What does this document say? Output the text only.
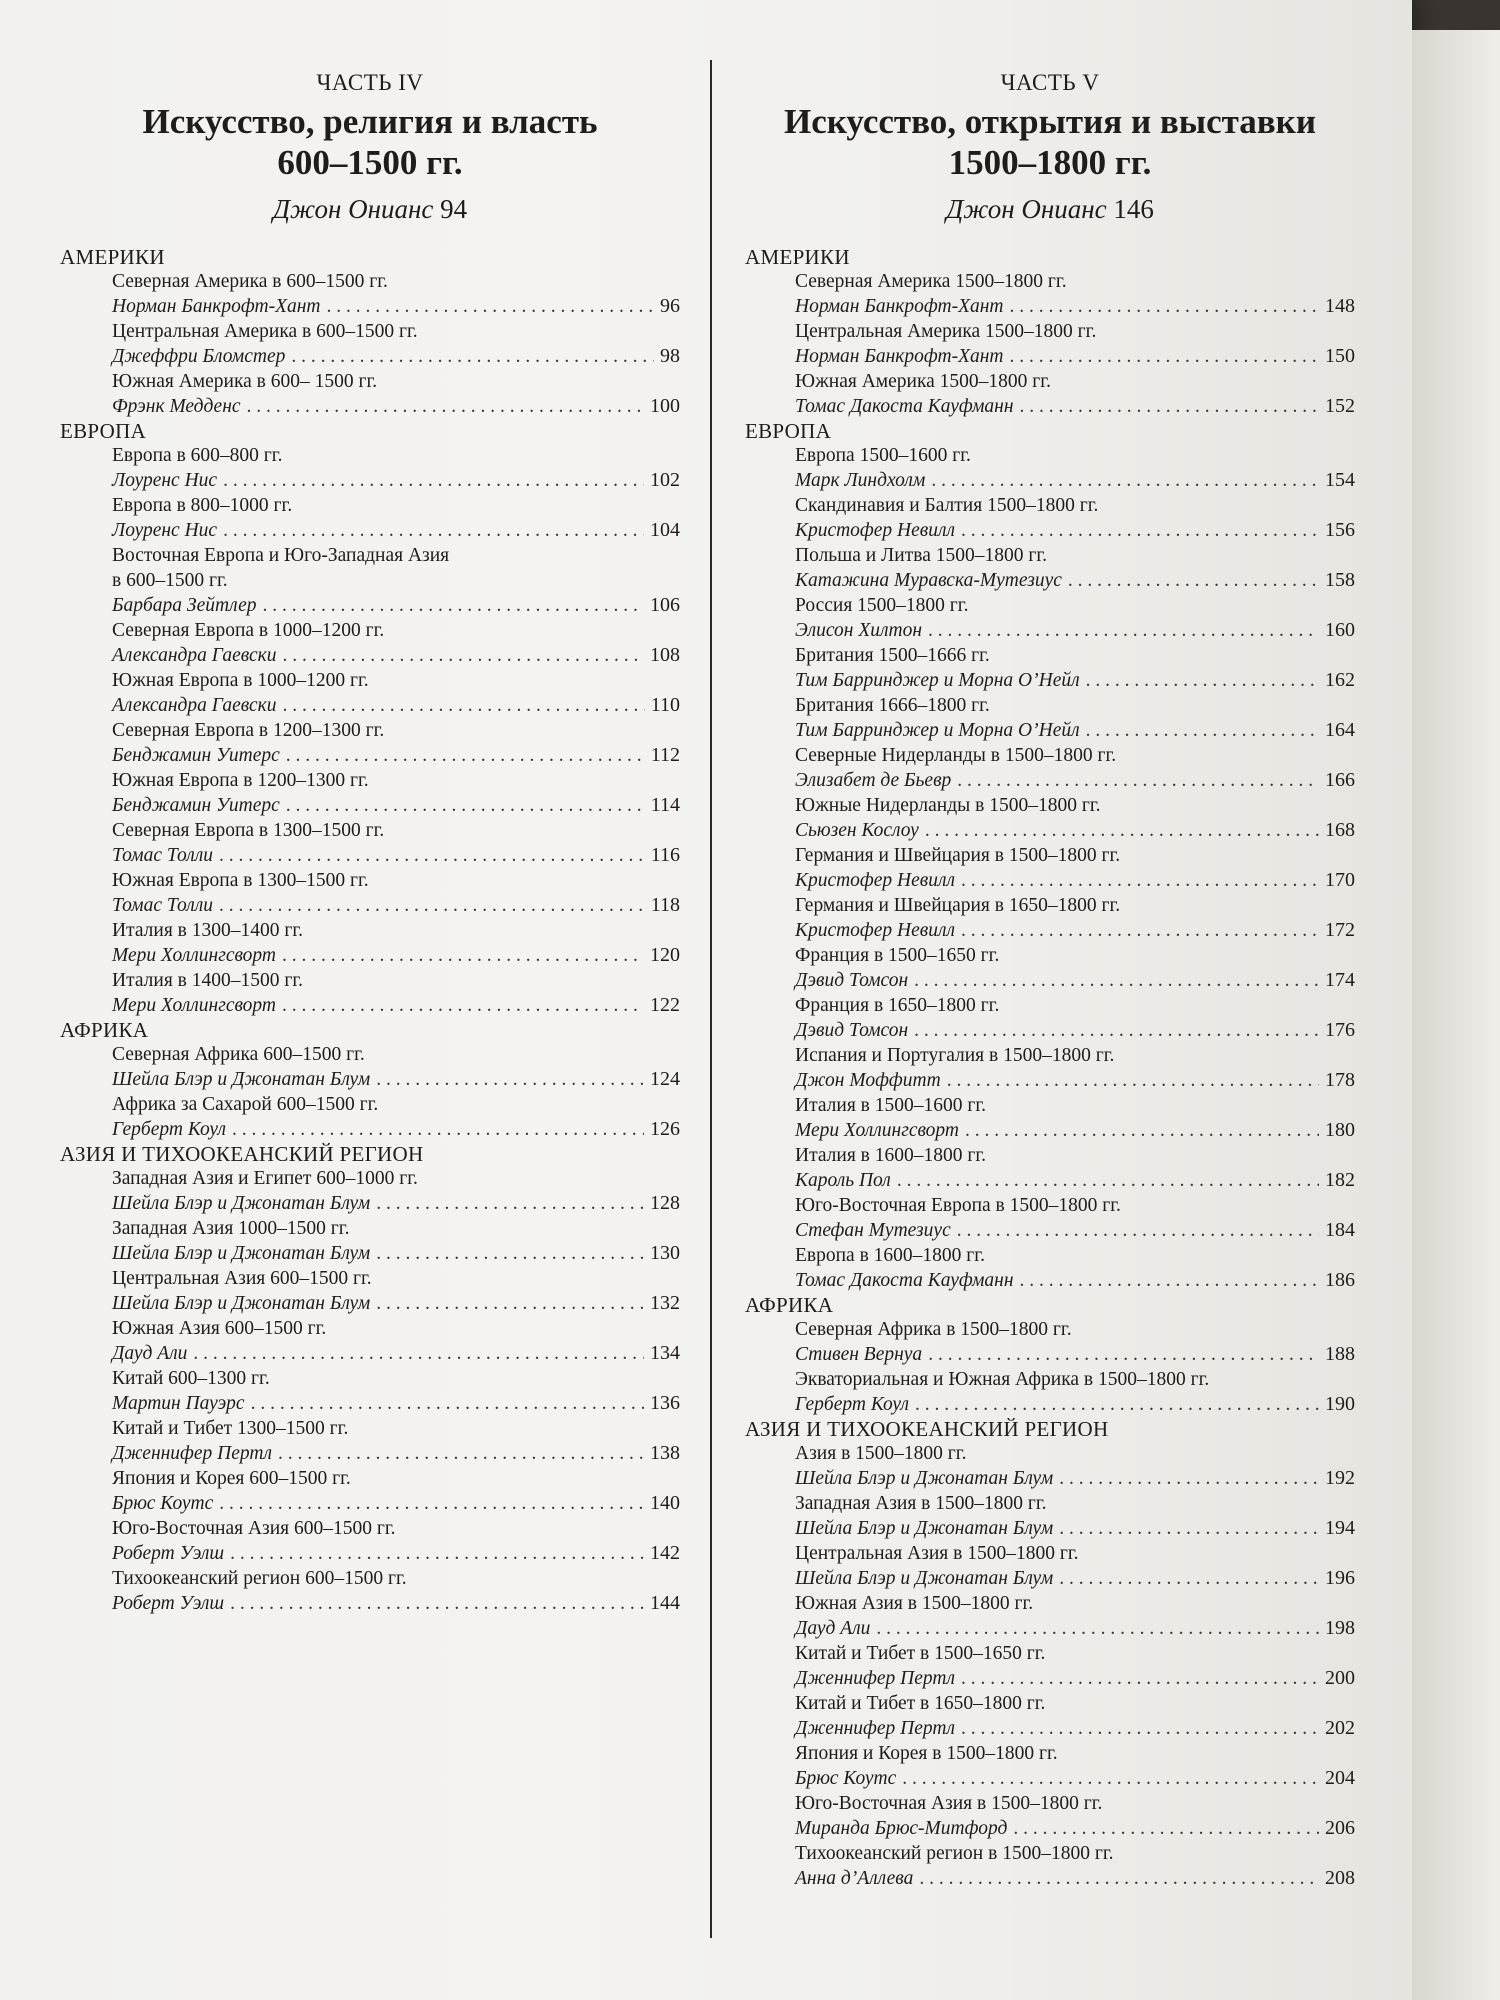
ЧАСТЬ IV

Искусство, религия и власть

600–1500 гг.

Джон Онианс 94

АМЕРИКИ

Северная Америка в 600–1500 гг.
Норман Банкрофт-Хант . . .	96
Центральная Америка в 600–1500 гг.
Джеффри Бломстер . . .	98
Южная Америка в 600– 1500 гг.
Фрэнк Медденс . . .	100

ЕВРОПА

Европа в 600–800 гг.
Лоуренс Нис . . .	102
Европа в 800–1000 гг.
Лоуренс Нис . . .	104
Восточная Европа и Юго-Западная Азия
в 600–1500 гг.
Барбара Зейтлер . . .	106
Северная Европа в 1000–1200 гг.
Александра Гаевски . . .	108
Южная Европа в 1000–1200 гг.
Александра Гаевски . . .	110
Северная Европа в 1200–1300 гг.
Бенджамин Уитерс . . .	112
Южная Европа в 1200–1300 гг.
Бенджамин Уитерс . . .	114
Северная Европа в 1300–1500 гг.
Томас Толли . . .	116
Южная Европа в 1300–1500 гг.
Томас Толли . . .	118
Италия в 1300–1400 гг.
Мери Холлингсворт . . .	120
Италия в 1400–1500 гг.
Мери Холлингсворт . . .	122

АФРИКА

Северная Африка 600–1500 гг.
Шейла Блэр и Джонатан Блум . . .	124
Африка за Сахарой 600–1500 гг.
Герберт Коул . . .	126

АЗИЯ И ТИХООКЕАНСКИЙ РЕГИОН

Западная Азия и Египет 600–1000 гг.
Шейла Блэр и Джонатан Блум . . .	128
Западная Азия 1000–1500 гг.
Шейла Блэр и Джонатан Блум . . .	130
Центральная Азия 600–1500 гг.
Шейла Блэр и Джонатан Блум . . .	132
Южная Азия 600–1500 гг.
Дауд Али . . .	134
Китай 600–1300 гг.
Мартин Пауэрс . . .	136
Китай и Тибет 1300–1500 гг.
Дженнифер Пертл . . .	138
Япония и Корея 600–1500 гг.
Брюс Коутс . . .	140
Юго-Восточная Азия 600–1500 гг.
Роберт Уэлш . . .	142
Тихоокеанский регион 600–1500 гг.
Роберт Уэлш . . .	144

ЧАСТЬ V

Искусство, открытия и выставки

1500–1800 гг.

Джон Онианс 146

АМЕРИКИ

Северная Америка 1500–1800 гг.
Норман Банкрофт-Хант . . .	148
Центральная Америка 1500–1800 гг.
Норман Банкрофт-Хант . . .	150
Южная Америка 1500–1800 гг.
Томас Дакоста Кауфманн . . .	152

ЕВРОПА

Европа 1500–1600 гг.
Марк Линдхолм . . .	154
Скандинавия и Балтия 1500–1800 гг.
Кристофер Невилл . . .	156
Польша и Литва 1500–1800 гг.
Катажина Муравска-Мутезиус . . .	158
Россия 1500–1800 гг.
Элисон Хилтон . . .	160
Британия 1500–1666 гг.
Тим Барринджер и Морна О’Нейл . . .	162
Британия 1666–1800 гг.
Тим Барринджер и Морна О’Нейл . . .	164
Северные Нидерланды в 1500–1800 гг.
Элизабет де Бьевр . . .	166
Южные Нидерланды в 1500–1800 гг.
Сьюзен Кослоу . . .	168
Германия и Швейцария в 1500–1800 гг.
Кристофер Невилл . . .	170
Германия и Швейцария в 1650–1800 гг.
Кристофер Невилл . . .	172
Франция в 1500–1650 гг.
Дэвид Томсон . . .	174
Франция в 1650–1800 гг.
Дэвид Томсон . . .	176
Испания и Португалия в 1500–1800 гг.
Джон Моффитт . . .	178
Италия в 1500–1600 гг.
Мери Холлингсворт . . .	180
Италия в 1600–1800 гг.
Кароль Пол . . .	182
Юго-Восточная Европа в 1500–1800 гг.
Стефан Мутезиус . . .	184
Европа в 1600–1800 гг.
Томас Дакоста Кауфманн . . .	186

АФРИКА

Северная Африка в 1500–1800 гг.
Стивен Вернуа . . .	188
Экваториальная и Южная Африка в 1500–1800 гг.
Герберт Коул . . .	190

АЗИЯ И ТИХООКЕАНСКИЙ РЕГИОН

Азия в 1500–1800 гг.
Шейла Блэр и Джонатан Блум . . .	192
Западная Азия в 1500–1800 гг.
Шейла Блэр и Джонатан Блум . . .	194
Центральная Азия в 1500–1800 гг.
Шейла Блэр и Джонатан Блум . . .	196
Южная Азия в 1500–1800 гг.
Дауд Али . . .	198
Китай и Тибет в 1500–1650 гг.
Дженнифер Пертл . . .	200
Китай и Тибет в 1650–1800 гг.
Дженнифер Пертл . . .	202
Япония и Корея в 1500–1800 гг.
Брюс Коутс . . .	204
Юго-Восточная Азия в 1500–1800 гг.
Миранда Брюс-Митфорд . . .	206
Тихоокеанский регион в 1500–1800 гг.
Анна д’Аллева . . .	208
